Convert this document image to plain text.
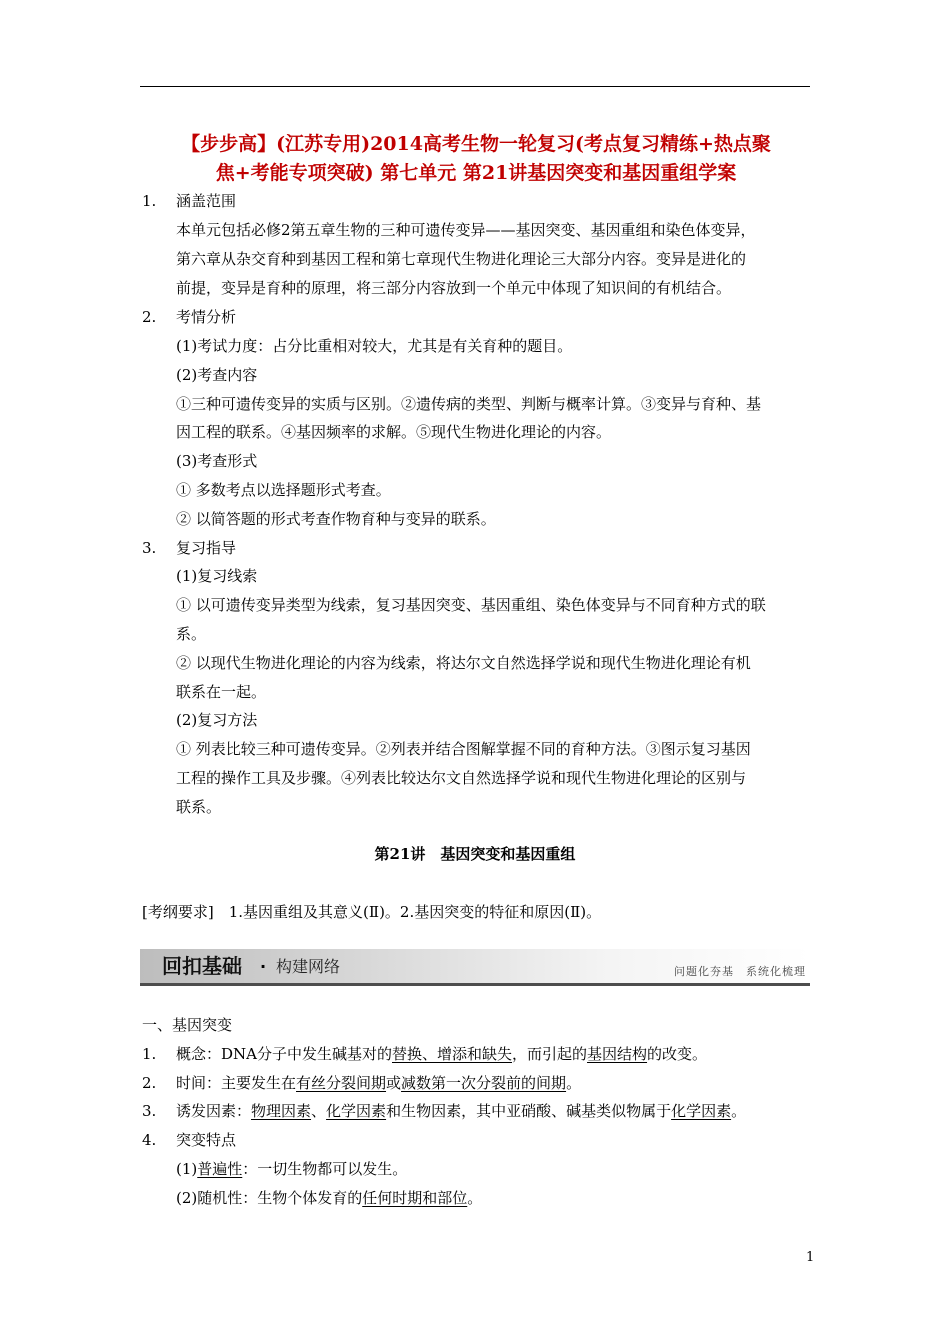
【步步高】(江苏专用)2014高考生物一轮复习(考点复习精练+热点聚
焦+考能专项突破) 第七单元 第21讲基因突变和基因重组学案
1. 涵盖范围
本单元包括必修2第五章生物的三种可遗传变异——基因突变、基因重组和染色体变异，
第六章从杂交育种到基因工程和第七章现代生物进化理论三大部分内容。变异是进化的
前提，变异是育种的原理，将三部分内容放到一个单元中体现了知识间的有机结合。
2. 考情分析
(1)考试力度：占分比重相对较大，尤其是有关育种的题目。
(2)考查内容
①三种可遗传变异的实质与区别。②遗传病的类型、判断与概率计算。③变异与育种、基
因工程的联系。④基因频率的求解。⑤现代生物进化理论的内容。
(3)考查形式
① 多数考点以选择题形式考查。
② 以简答题的形式考查作物育种与变异的联系。
3. 复习指导
(1)复习线索
① 以可遗传变异类型为线索，复习基因突变、基因重组、染色体变异与不同育种方式的联
系。
② 以现代生物进化理论的内容为线索，将达尔文自然选择学说和现代生物进化理论有机
联系在一起。
(2)复习方法
① 列表比较三种可遗传变异。②列表并结合图解掌握不同的育种方法。③图示复习基因
工程的操作工具及步骤。④列表比较达尔文自然选择学说和现代生物进化理论的区别与
联系。
第21讲　基因突变和基因重组
[考纲要求]　1.基因重组及其意义(Ⅱ)。2.基因突变的特征和原因(Ⅱ)。
回扣基础 · 构建网络	问题化夯基　系统化梳理
一、基因突变
1. 概念：DNA分子中发生碱基对的替换、增添和缺失，而引起的基因结构的改变。
2. 时间：主要发生在有丝分裂间期或减数第一次分裂前的间期。
3. 诱发因素：物理因素、化学因素和生物因素，其中亚硝酸、碱基类似物属于化学因素。
4. 突变特点
(1)普遍性：一切生物都可以发生。
(2)随机性：生物个体发育的任何时期和部位。
1
